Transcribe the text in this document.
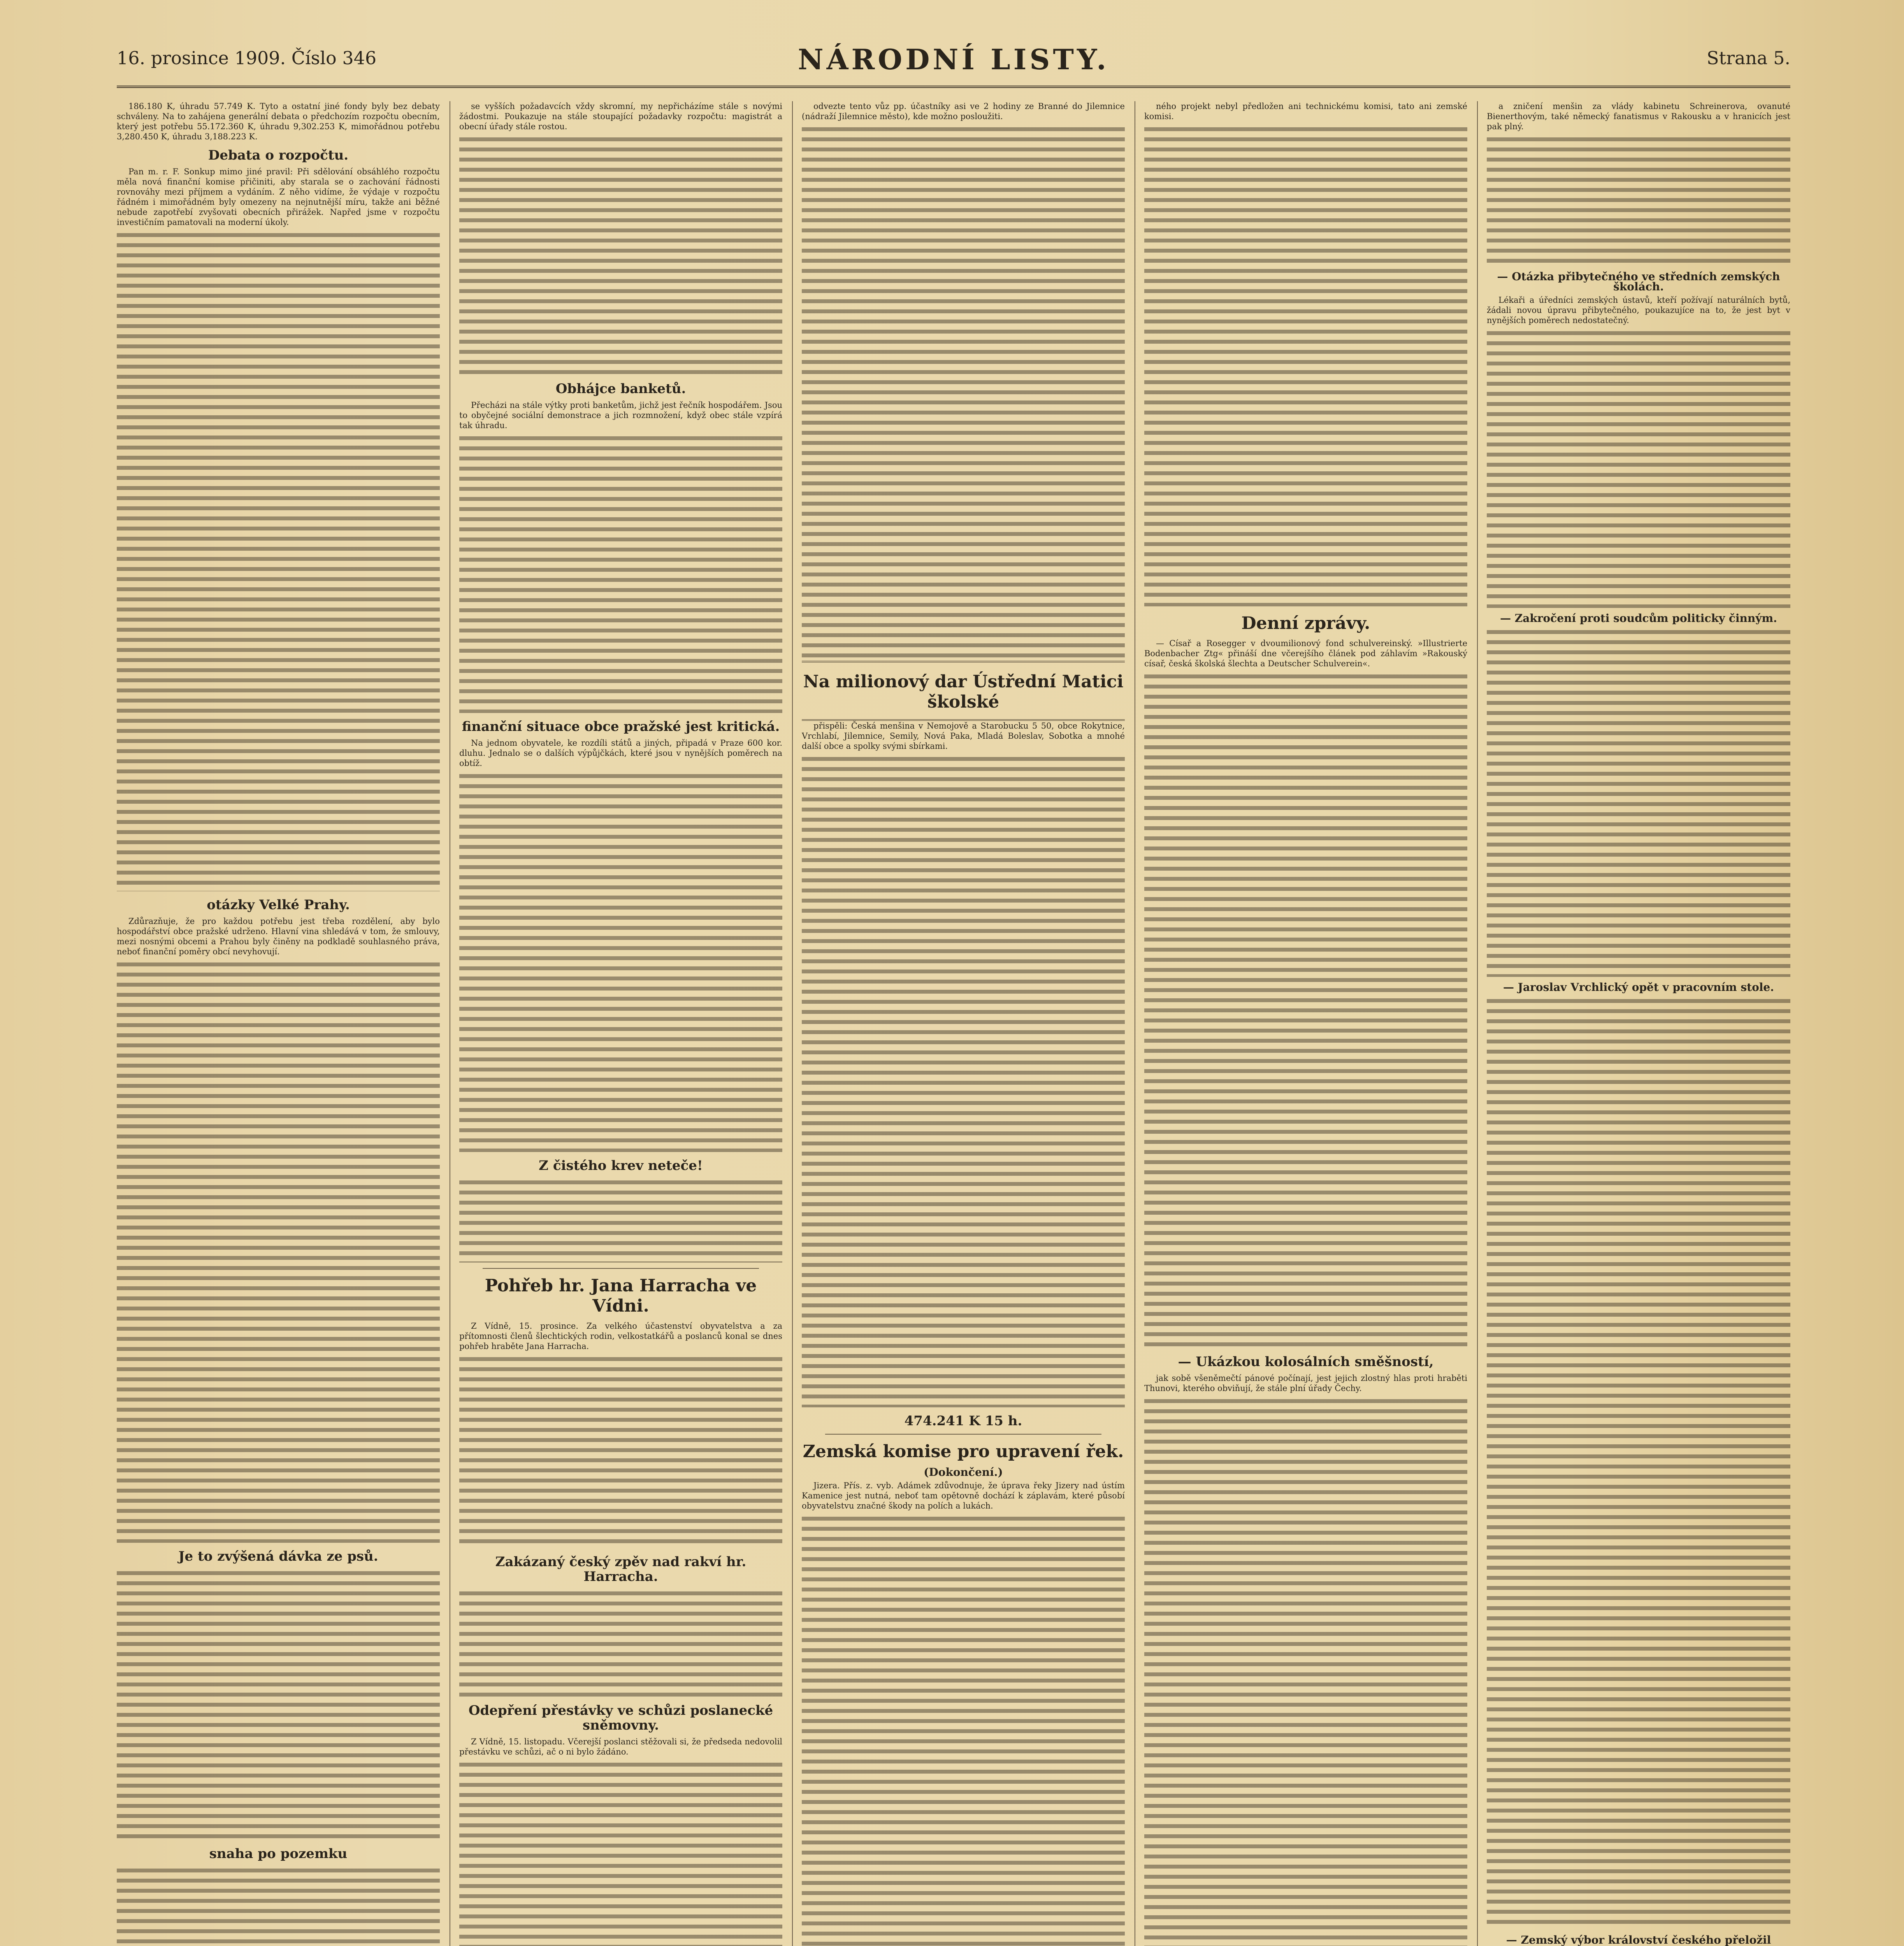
16. prosince 1909. Číslo 346	NÁRODNÍ LISTY.	Strana 5.

186.180 K, úhradu 57.749 K. Tyto a ostatní jiné fondy byly bez debaty schváleny. Na to zahájena generální debata o předchozím rozpočtu obecním, který jest potřebu 55.172.360 K, úhradu 9,302.253 K, mimořádnou potřebu 3,280.450 K, úhradu 3,188.223 K.

Debata o rozpočtu.

Pan m. r. F. Sonkup mimo jiné pravil: Při sdělování obsáhlého rozpočtu měla nová finanční komise přičiniti, aby starala se o zachování řádnosti rovnováhy mezi příjmem a vydáním. Z něho vidíme, že výdaje v rozpočtu řádném i mimořádném byly omezeny na nejnutnější míru, takže ani běžné nebude zapotřebí zvyšovati obecních přirážek. Napřed jsme v rozpočtu investičním pamatovali na moderní úkoly.

otázky Velké Prahy.

Zdůrazňuje, že pro každou potřebu jest třeba rozdělení, aby bylo hospodářství obce pražské udrženo. Hlavní vina shledává v tom, že smlouvy, mezi nosnými obcemi a Prahou byly činěny na podkladě souhlasného práva, neboť finanční poměry obcí nevyhovují.

Je to zvýšená dávka ze psů.
snaha po pozemku

se vyšších požadavcích vždy skromní, my nepřicházíme stále s novými žádostmi. Poukazuje na stále stoupající požadavky rozpočtu: magistrát a obecní úřady stále rostou.

Obhájce banketů.

Přecházi na stále výtky proti banketům, jichž jest řečník hospodářem. Jsou to obyčejné sociální demonstrace a jich rozmnožení, když obec stále vzpírá tak úhradu.

finanční situace obce pražské jest kritická.

Na jednom obyvatele, ke rozdíli států a jiných, připadá v Praze 600 kor. dluhu. Jednalo se o dalších výpůjčkách, které jsou v nynějších poměrech na obtíž.

Z čistého krev neteče!
Pohřeb hr. Jana Harracha ve Vídni.

Z Vídně, 15. prosince. Za velkého účastenství obyvatelstva a za přítomnosti členů šlechtických rodin, velkostatkářů a poslanců konal se dnes pohřeb hraběte Jana Harracha.

Zakázaný český zpěv nad rakví hr. Harracha.
Odepření přestávky ve schůzi poslanecké sněmovny.

Z Vídně, 15. listopadu. Včerejší poslanci stěžovali si, že předseda nedovolil přestávku ve schůzi, ač o ni bylo žádáno.

odvezte tento vůz pp. účastníky asi ve 2 hodiny ze Branné do Jilemnice (nádraží Jilemnice město), kde možno posloužiti.

Na milionový dar Ústřední Matici školské

přispěli: Česká menšina v Nemojově a Starobucku 5 50, obce Rokytnice, Vrchlabí, Jilemnice, Semily, Nová Paka, Mladá Boleslav, Sobotka a mnohé další obce a spolky svými sbírkami.

474.241 K 15 h.
Zemská komise pro upravení řek.
(Dokončení.)

Jizera. Přís. z. vyb. Adámek zdůvodnuje, že úprava řeky Jizery nad ústím Kamenice jest nutná, neboť tam opětovně dochází k záplavám, které působí obyvatelstvu značné škody na polích a lukách.

ného projekt nebyl předložen ani technickému komisi, tato ani zemské komisi.

Denní zprávy.

— Císař a Rosegger v dvoumilionový fond schulvereinský. »Illustrierte Bodenbacher Ztg« přináší dne včerejšího článek pod záhlavím »Rakouský císař, česká školská šlechta a Deutscher Schulverein«.

— Ukázkou kolosálních směšností,

jak sobě všeněmečtí pánové počínají, jest jejich zlostný hlas proti hraběti Thunovi, kterého obviňují, že stále plní úřady Čechy.

a zničení menšin za vlády kabinetu Schreinerova, ovanuté Bienerthovým, také německý fanatismus v Rakousku a v hranicích jest pak plný.

— Otázka přibytečného ve středních zemských školách.

Lékaři a úředníci zemských ústavů, kteří požívají naturálních bytů, žádali novou úpravu přibytečného, poukazujíce na to, že jest byt v nynějších poměrech nedostatečný.

— Zakročení proti soudcům politicky činným.
— Jaroslav Vrchlický opět v pracovním stole.
— Zemský výbor království českého přeložil
